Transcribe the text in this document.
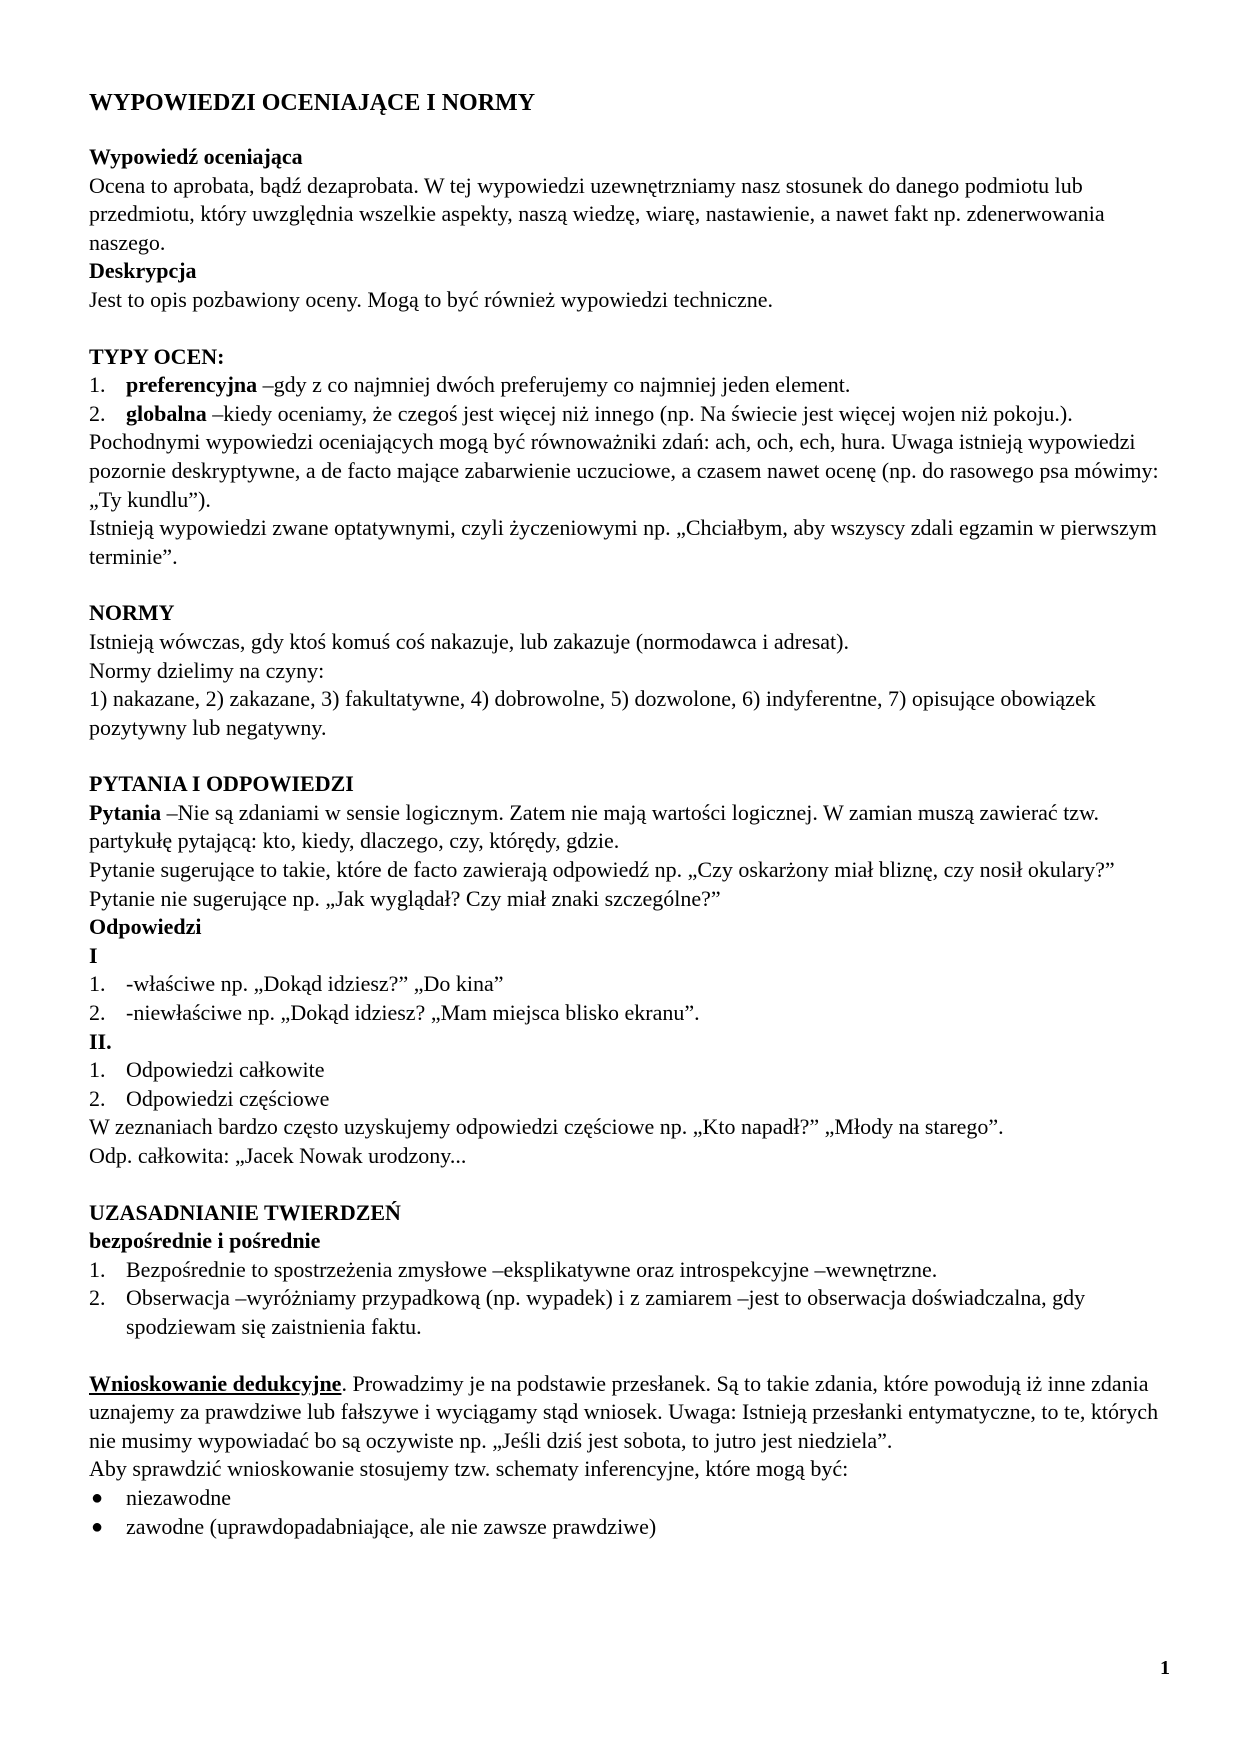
WYPOWIEDZI OCENIAJĄCE I NORMY
Wypowiedź oceniająca

Ocena to aprobata, bądź dezaprobata. W tej wypowiedzi uzewnętrzniamy nasz stosunek do danego podmiotu lub przedmiotu, który uwzględnia wszelkie aspekty, naszą wiedzę, wiarę, nastawienie, a nawet fakt np. zdenerwowania naszego.

Deskrypcja

Jest to opis pozbawiony oceny. Mogą to być również wypowiedzi techniczne.

TYPY OCEN:
1. preferencyjna –gdy z co najmniej dwóch preferujemy co najmniej jeden element.
2. globalna –kiedy oceniamy, że czegoś jest więcej niż innego (np. Na świecie jest więcej wojen niż pokoju.).

Pochodnymi wypowiedzi oceniających mogą być równoważniki zdań: ach, och, ech, hura. Uwaga istnieją wypowiedzi pozornie deskryptywne, a de facto mające zabarwienie uczuciowe, a czasem nawet ocenę (np. do rasowego psa mówimy: „Ty kundlu”).

Istnieją wypowiedzi zwane optatywnymi, czyli życzeniowymi np. „Chciałbym, aby wszyscy zdali egzamin w pierwszym terminie”.

NORMY

Istnieją wówczas, gdy ktoś komuś coś nakazuje, lub zakazuje (normodawca i adresat).

Normy dzielimy na czyny:

1) nakazane, 2) zakazane, 3) fakultatywne, 4) dobrowolne, 5) dozwolone, 6) indyferentne, 7) opisujące obowiązek pozytywny lub negatywny.

PYTANIA I ODPOWIEDZI

Pytania –Nie są zdaniami w sensie logicznym. Zatem nie mają wartości logicznej. W zamian muszą zawierać tzw. partykułę pytającą: kto, kiedy, dlaczego, czy, którędy, gdzie.

Pytanie sugerujące to takie, które de facto zawierają odpowiedź np. „Czy oskarżony miał bliznę, czy nosił okulary?” Pytanie nie sugerujące np. „Jak wyglądał? Czy miał znaki szczególne?”

Odpowiedzi
I
1. -właściwe np. „Dokąd idziesz?” „Do kina”
2. -niewłaściwe np. „Dokąd idziesz? „Mam miejsca blisko ekranu”.
II.
1. Odpowiedzi całkowite
2. Odpowiedzi częściowe

W zeznaniach bardzo często uzyskujemy odpowiedzi częściowe np. „Kto napadł?” „Młody na starego”.

Odp. całkowita: „Jacek Nowak urodzony...

UZASADNIANIE TWIERDZEŃ
bezpośrednie i pośrednie
1. Bezpośrednie to spostrzeżenia zmysłowe –eksplikatywne oraz introspekcyjne –wewnętrzne.
2. Obserwacja –wyróżniamy przypadkową (np. wypadek) i z zamiarem –jest to obserwacja doświadczalna, gdy spodziewam się zaistnienia faktu.

Wnioskowanie dedukcyjne. Prowadzimy je na podstawie przesłanek. Są to takie zdania, które powodują iż inne zdania uznajemy za prawdziwe lub fałszywe i wyciągamy stąd wniosek. Uwaga: Istnieją przesłanki entymatyczne, to te, których nie musimy wypowiadać bo są oczywiste np. „Jeśli dziś jest sobota, to jutro jest niedziela”.

Aby sprawdzić wnioskowanie stosujemy tzw. schematy inferencyjne, które mogą być:

● niezawodne
● zawodne (uprawdopadabniające, ale nie zawsze prawdziwe)
1
